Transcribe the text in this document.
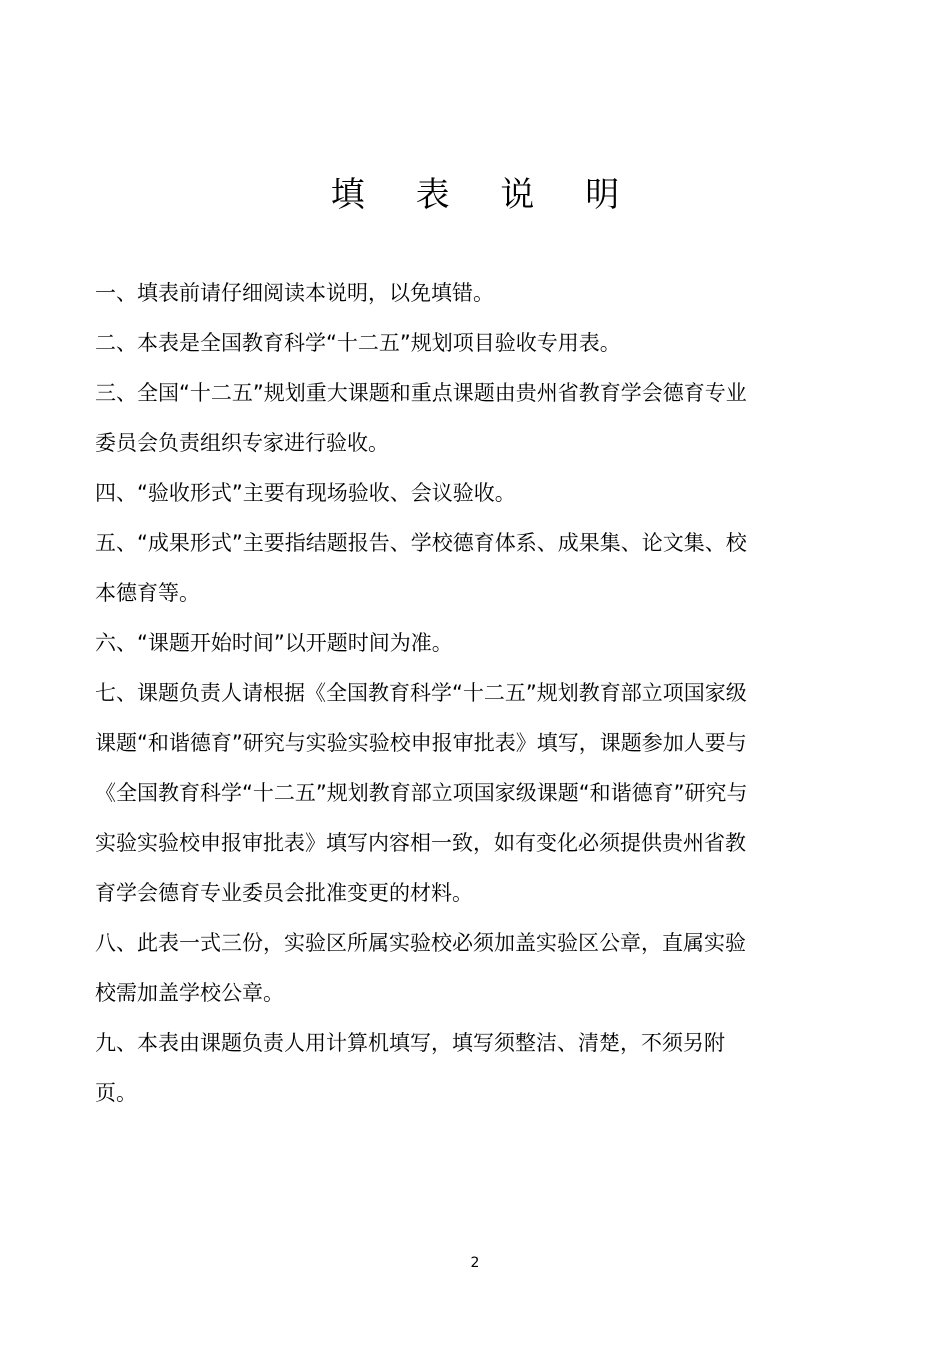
填 表 说 明

一、填表前请仔细阅读本说明，以免填错。

二、本表是全国教育科学“十二五”规划项目验收专用表。

三、全国“十二五”规划重大课题和重点课题由贵州省教育学会德育专业委员会负责组织专家进行验收。

四、“验收形式”主要有现场验收、会议验收。

五、“成果形式”主要指结题报告、学校德育体系、成果集、论文集、校本德育等。

六、“课题开始时间”以开题时间为准。

七、课题负责人请根据《全国教育科学“十二五”规划教育部立项国家级课题“和谐德育”研究与实验实验校申报审批表》填写，课题参加人要与《全国教育科学“十二五”规划教育部立项国家级课题“和谐德育”研究与实验实验校申报审批表》填写内容相一致，如有变化必须提供贵州省教育学会德育专业委员会批准变更的材料。

八、此表一式三份，实验区所属实验校必须加盖实验区公章，直属实验校需加盖学校公章。

九、本表由课题负责人用计算机填写，填写须整洁、清楚，不须另附页。

2
